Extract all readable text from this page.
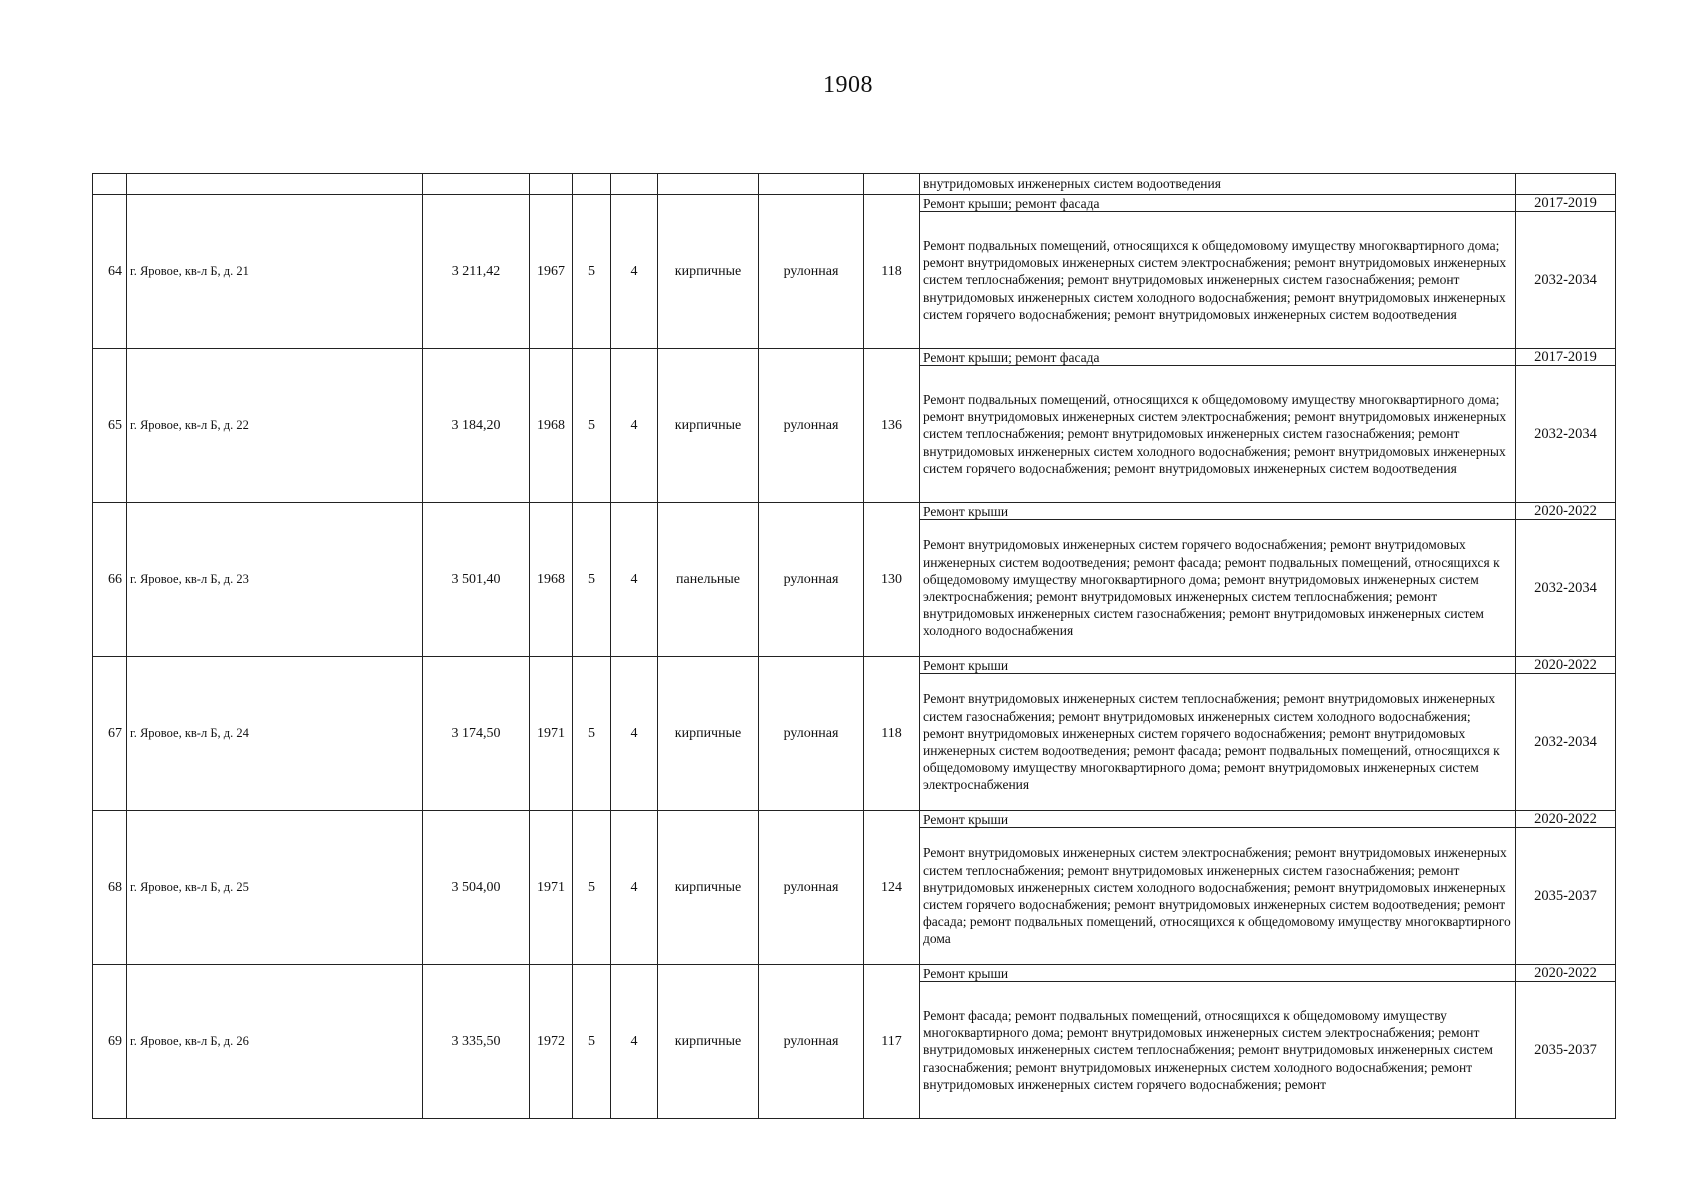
1908
									внутридомовых инженерных систем водоотведения	
64	г. Яровое, кв-л Б, д. 21	3 211,42	1967	5	4	кирпичные	рулонная	118	Ремонт крыши; ремонт фасада	2017-2019
									Ремонт подвальных помещений, относящихся к общедомовому имуществу многоквартирного дома; ремонт внутридомовых инженерных систем электроснабжения; ремонт внутридомовых инженерных систем теплоснабжения; ремонт внутридомовых инженерных систем газоснабжения; ремонт внутридомовых инженерных систем холодного водоснабжения; ремонт внутридомовых инженерных систем горячего водоснабжения; ремонт внутридомовых инженерных систем водоотведения	2032-2034
65	г. Яровое, кв-л Б, д. 22	3 184,20	1968	5	4	кирпичные	рулонная	136	Ремонт крыши; ремонт фасада	2017-2019
									Ремонт подвальных помещений, относящихся к общедомовому имуществу многоквартирного дома; ремонт внутридомовых инженерных систем электроснабжения; ремонт внутридомовых инженерных систем теплоснабжения; ремонт внутридомовых инженерных систем газоснабжения; ремонт внутридомовых инженерных систем холодного водоснабжения; ремонт внутридомовых инженерных систем горячего водоснабжения; ремонт внутридомовых инженерных систем водоотведения	2032-2034
66	г. Яровое, кв-л Б, д. 23	3 501,40	1968	5	4	панельные	рулонная	130	Ремонт крыши	2020-2022
									Ремонт внутридомовых инженерных систем горячего водоснабжения; ремонт внутридомовых инженерных систем водоотведения; ремонт фасада; ремонт подвальных помещений, относящихся к общедомовому имуществу многоквартирного дома; ремонт внутридомовых инженерных систем электроснабжения; ремонт внутридомовых инженерных систем теплоснабжения; ремонт внутридомовых инженерных систем газоснабжения; ремонт внутридомовых инженерных систем холодного водоснабжения	2032-2034
67	г. Яровое, кв-л Б, д. 24	3 174,50	1971	5	4	кирпичные	рулонная	118	Ремонт крыши	2020-2022
									Ремонт внутридомовых инженерных систем теплоснабжения; ремонт внутридомовых инженерных систем газоснабжения; ремонт внутридомовых инженерных систем холодного водоснабжения; ремонт внутридомовых инженерных систем горячего водоснабжения; ремонт внутридомовых инженерных систем водоотведения; ремонт фасада; ремонт подвальных помещений, относящихся к общедомовому имуществу многоквартирного дома; ремонт внутридомовых инженерных систем электроснабжения	2032-2034
68	г. Яровое, кв-л Б, д. 25	3 504,00	1971	5	4	кирпичные	рулонная	124	Ремонт крыши	2020-2022
									Ремонт внутридомовых инженерных систем электроснабжения; ремонт внутридомовых инженерных систем теплоснабжения; ремонт внутридомовых инженерных систем газоснабжения; ремонт внутридомовых инженерных систем холодного водоснабжения; ремонт внутридомовых инженерных систем горячего водоснабжения; ремонт внутридомовых инженерных систем водоотведения; ремонт фасада; ремонт подвальных помещений, относящихся к общедомовому имуществу многоквартирного дома	2035-2037
69	г. Яровое, кв-л Б, д. 26	3 335,50	1972	5	4	кирпичные	рулонная	117	Ремонт крыши	2020-2022
									Ремонт фасада; ремонт подвальных помещений, относящихся к общедомовому имуществу многоквартирного дома; ремонт внутридомовых инженерных систем электроснабжения; ремонт внутридомовых инженерных систем теплоснабжения; ремонт внутридомовых инженерных систем газоснабжения; ремонт внутридомовых инженерных систем холодного водоснабжения; ремонт внутридомовых инженерных систем горячего водоснабжения; ремонт	2035-2037
